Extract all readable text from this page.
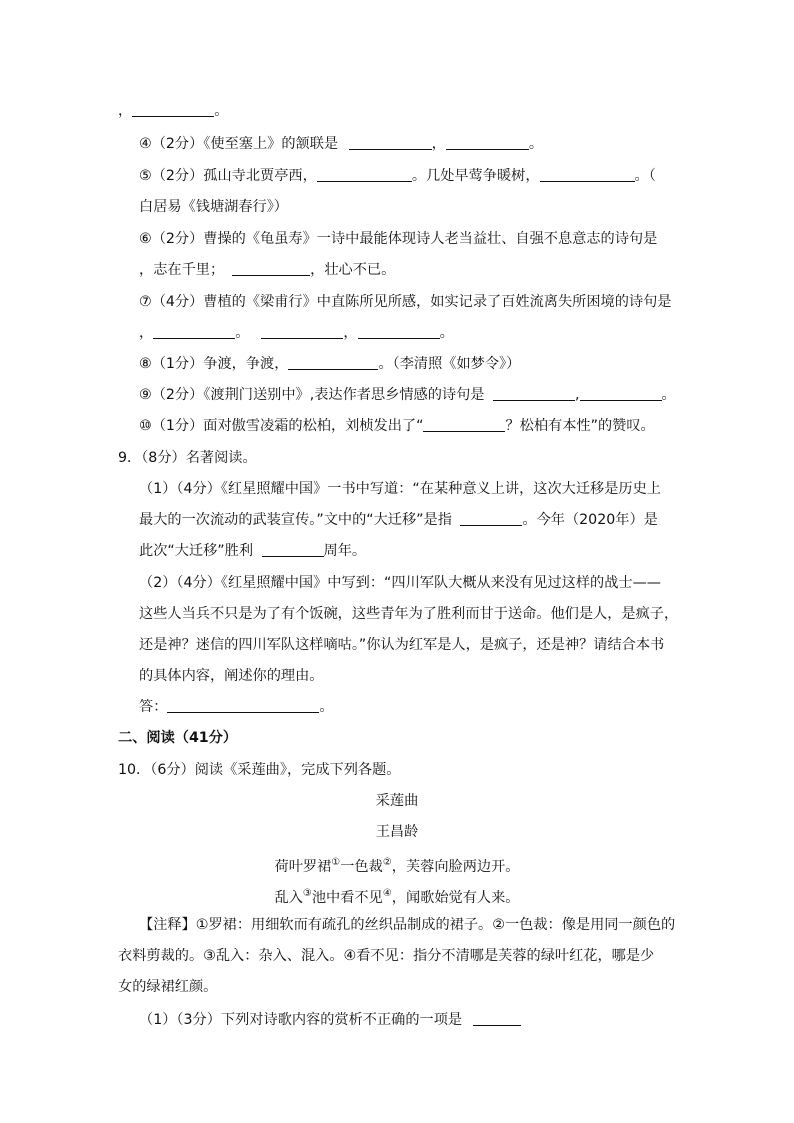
，	。
④（2分）《使至塞上》的颔联是	，	。
⑤（2分）孤山寺北贾亭西，	。几处早莺争暖树，	。（
白居易《钱塘湖春行》）
⑥（2分）曹操的《龟虽寿》一诗中最能体现诗人老当益壮、自强不息意志的诗句是
，志在千里；	，壮心不已。
⑦（4分）曹植的《梁甫行》中直陈所见所感，如实记录了百姓流离失所困境的诗句是
，	。	，	。
⑧（1分）争渡，争渡，	。（李清照《如梦令》）
⑨（2分）《渡荆门送别中》,表达作者思乡情感的诗句是	,	。
⑩（1分）面对傲雪凌霜的松柏，刘桢发出了“	？松柏有本性”的赞叹。
9．（8分）名著阅读。
（1）（4分）《红星照耀中国》一书中写道：“在某种意义上讲，这次大迁移是历史上
最大的一次流动的武装宣传。”文中的“大迁移”是指	。今年（2020年）是
此次“大迁移”胜利	周年。
（2）（4分）《红星照耀中国》中写到：“四川军队大概从来没有见过这样的战士——
这些人当兵不只是为了有个饭碗，这些青年为了胜利而甘于送命。他们是人，是疯子，
还是神？迷信的四川军队这样嘀咕。”你认为红军是人，是疯子，还是神？请结合本书
的具体内容，阐述你的理由。
答：	。
二、阅读（41分）
10．（6分）阅读《采莲曲》，完成下列各题。
采莲曲
王昌龄
荷叶罗裙①一色裁②，芙蓉向脸两边开。
乱入③池中看不见④，闻歌始觉有人来。
【注释】①罗裙：用细软而有疏孔的丝织品制成的裙子。②一色裁：像是用同一颜色的
衣料剪裁的。③乱入：杂入、混入。④看不见：指分不清哪是芙蓉的绿叶红花，哪是少
女的绿裙红颜。
（1）（3分）下列对诗歌内容的赏析不正确的一项是
